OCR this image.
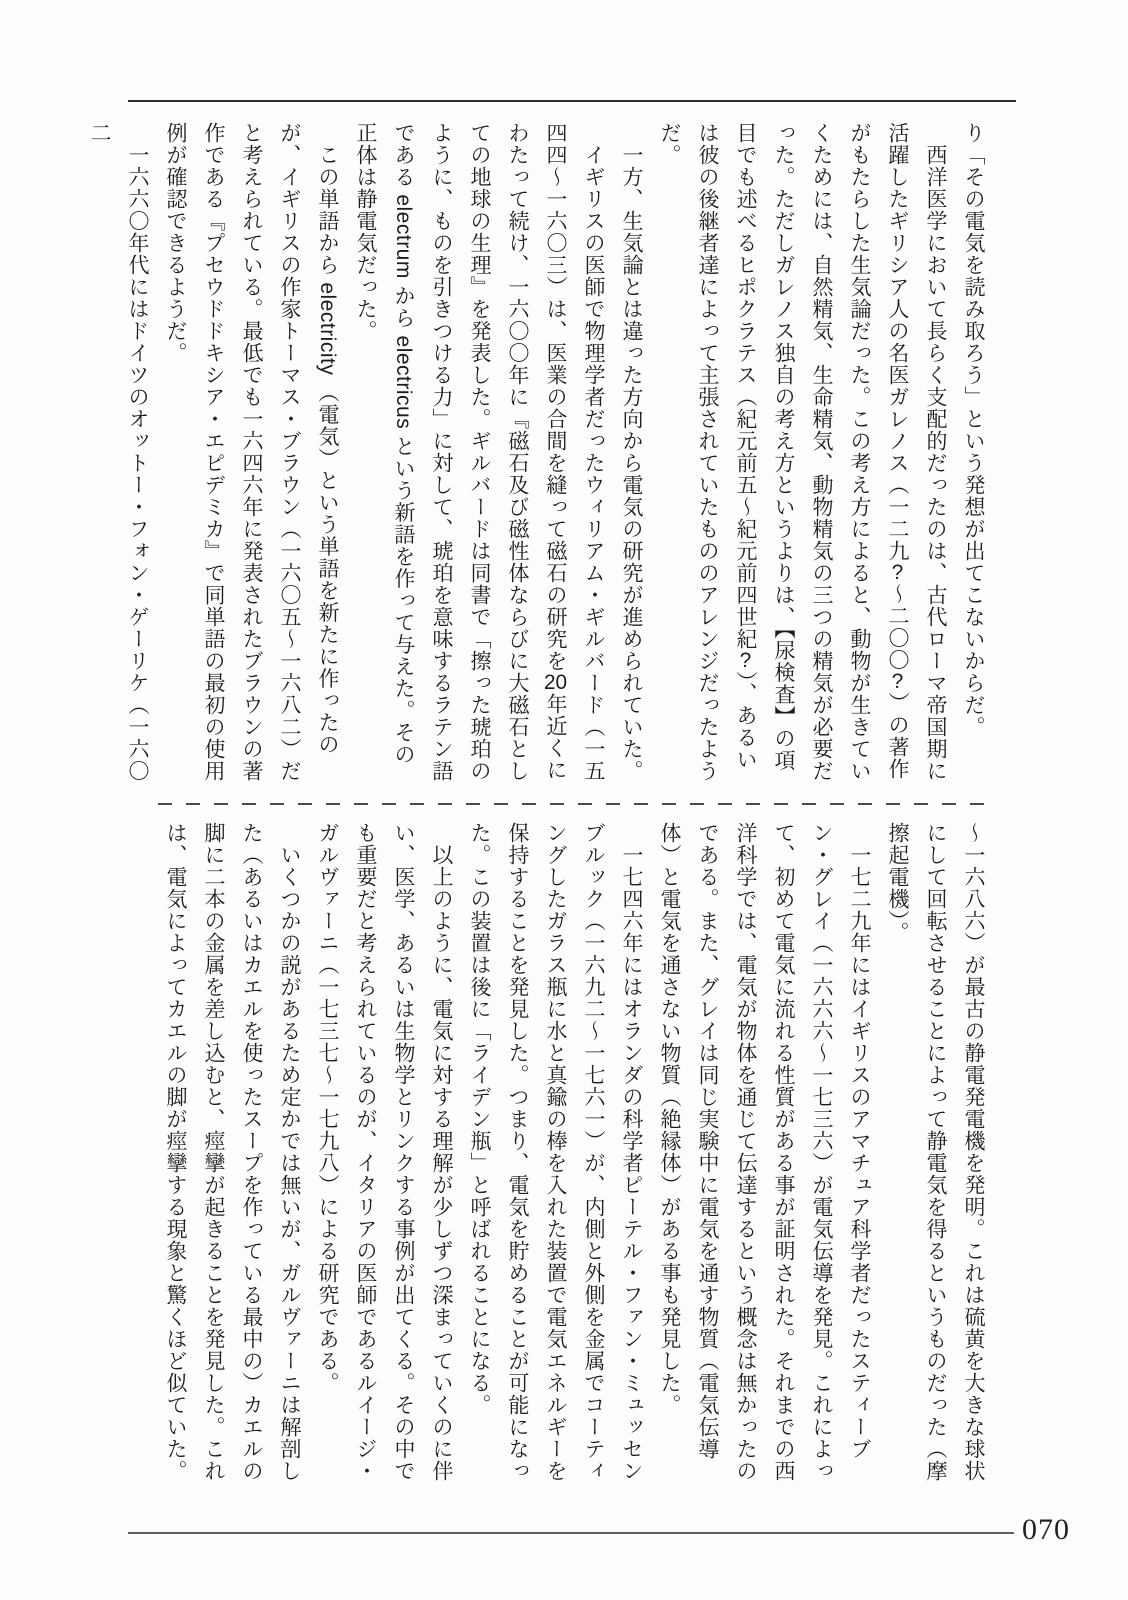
り「その電気を読み取ろう」という発想が出てこないからだ。

西洋医学において長らく支配的だったのは、古代ローマ帝国期に活躍したギリシア人の名医ガレノス（一二九?～二〇〇?）の著作がもたらした生気論だった。この考え方によると、動物が生きていくためには、自然精気、生命精気、動物精気の三つの精気が必要だった。ただしガレノス独自の考え方というよりは、【尿検査】の項目でも述べるヒポクラテス（紀元前五～紀元前四世紀?）、あるいは彼の後継者達によって主張されていたもののアレンジだったようだ。

一方、生気論とは違った方向から電気の研究が進められていた。

イギリスの医師で物理学者だったウィリアム・ギルバード（一五四四～一六〇三）は、医業の合間を縫って磁石の研究を20年近くにわたって続け、一六〇〇年に『磁石及び磁性体ならびに大磁石としての地球の生理』を発表した。ギルバードは同書で「擦った琥珀のように、ものを引きつける力」に対して、琥珀を意味するラテン語である electrum から electricus という新語を作って与えた。その正体は静電気だった。

この単語から electricity （電気）という単語を新たに作ったのが、イギリスの作家トーマス・ブラウン（一六〇五～一六八二）だと考えられている。最低でも一六四六年に発表されたブラウンの著作である『プセウドドキシア・エピデミカ』で同単語の最初の使用例が確認できるようだ。

一六六〇年代にはドイツのオットー・フォン・ゲーリケ（一六〇二

～一六八六）が最古の静電発電機を発明。これは硫黄を大きな球状にして回転させることによって静電気を得るというものだった（摩擦起電機）。

一七二九年にはイギリスのアマチュア科学者だったスティーブン・グレイ（一六六六～一七三六）が電気伝導を発見。これによって、初めて電気に流れる性質がある事が証明された。それまでの西洋科学では、電気が物体を通じて伝達するという概念は無かったのである。また、グレイは同じ実験中に電気を通す物質（電気伝導体）と電気を通さない物質（絶縁体）がある事も発見した。

一七四六年にはオランダの科学者ピーテル・ファン・ミュッセンブルック（一六九二～一七六一）が、内側と外側を金属でコーティングしたガラス瓶に水と真鍮の棒を入れた装置で電気エネルギーを保持することを発見した。つまり、電気を貯めることが可能になった。この装置は後に「ライデン瓶」と呼ばれることになる。

以上のように、電気に対する理解が少しずつ深まっていくのに伴い、医学、あるいは生物学とリンクする事例が出てくる。その中でも重要だと考えられているのが、イタリアの医師であるルイージ・ガルヴァーニ（一七三七～一七九八）による研究である。

いくつかの説があるため定かでは無いが、ガルヴァーニは解剖した（あるいはカエルを使ったスープを作っている最中の）カエルの脚に二本の金属を差し込むと、痙攣が起きることを発見した。これは、電気によってカエルの脚が痙攣する現象と驚くほど似ていた。

070
